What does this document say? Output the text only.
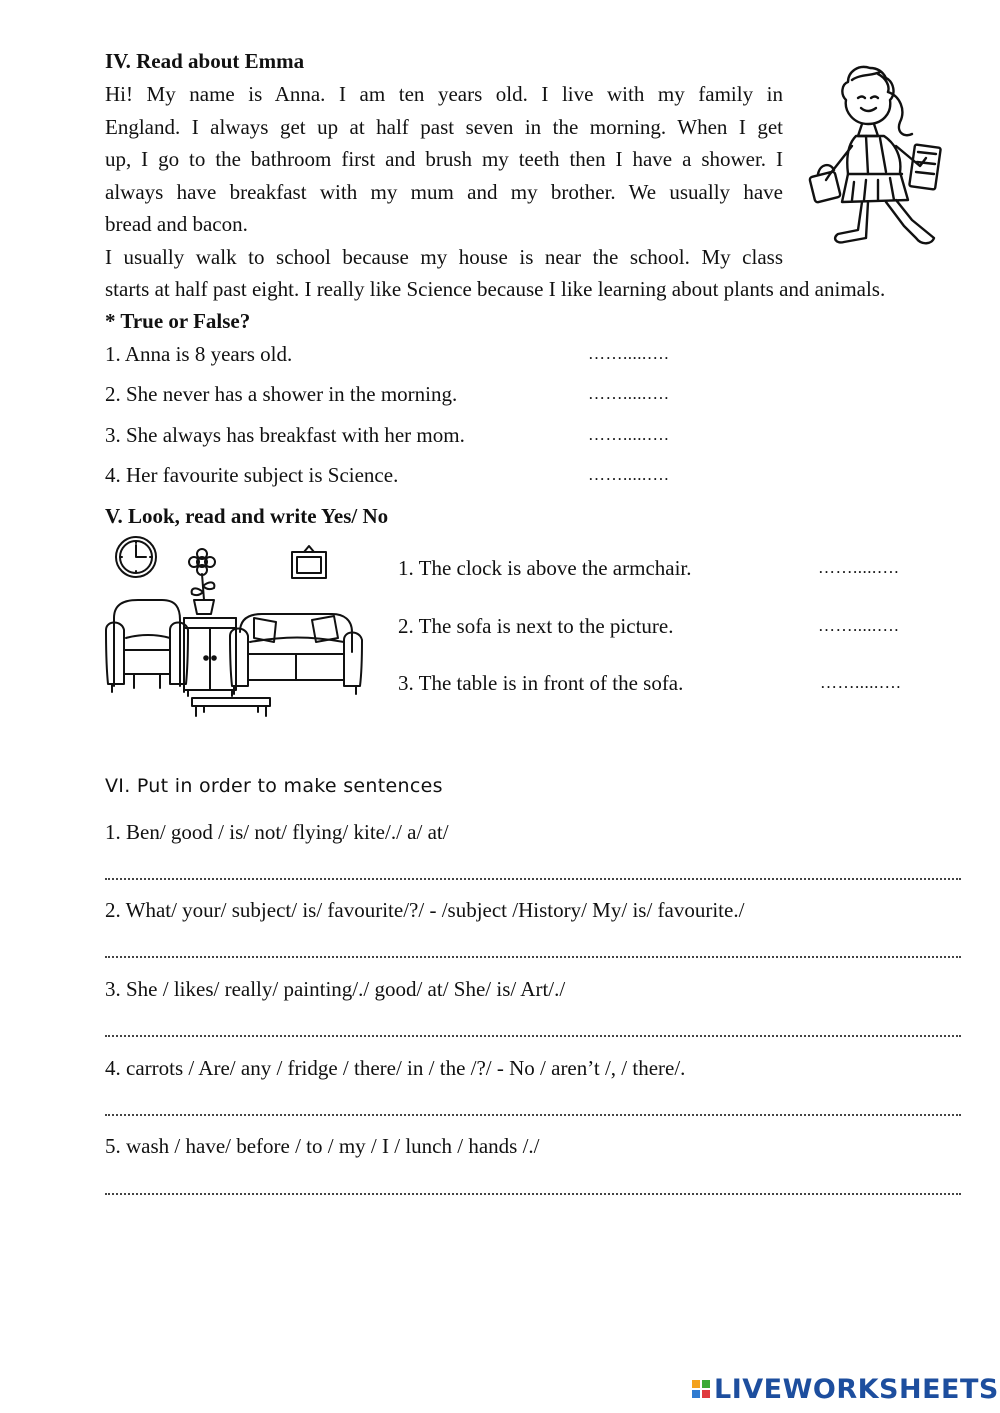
IV. Read about Emma
Hi! My name is Anna. I am ten years old. I live with my family in
England. I always get up at half past seven in the morning. When I get
up, I go to the bathroom first and brush my teeth then I have a shower. I
always have breakfast with my mum and my brother. We usually have
bread and bacon.
I usually walk to school because my house is near the school. My class
starts at half past eight. I really like Science because I like learning about plants and animals.
* True or False?
1. Anna is 8 years old.	…….....….
2. She never has a shower in the morning.	…….....….
3. She always has breakfast with her mom.	…….....….
4. Her favourite subject is Science.	…….....….
V. Look, read and write Yes/ No
1. The clock is above the armchair.	…….....….
2. The sofa is next to the picture.	…….....….
3. The table is in front of the sofa.	…….....….
VI. Put in order to make sentences
1. Ben/ good / is/ not/ flying/ kite/./ a/ at/
2. What/ your/ subject/ is/ favourite/?/ - /subject /History/ My/ is/ favourite./
3. She / likes/ really/ painting/./ good/ at/ She/ is/ Art/./
4. carrots / Are/ any / fridge / there/ in / the /?/ - No / aren’t /, / there/.
5. wash / have/ before / to / my / I / lunch / hands /./
LIVEWORKSHEETS
